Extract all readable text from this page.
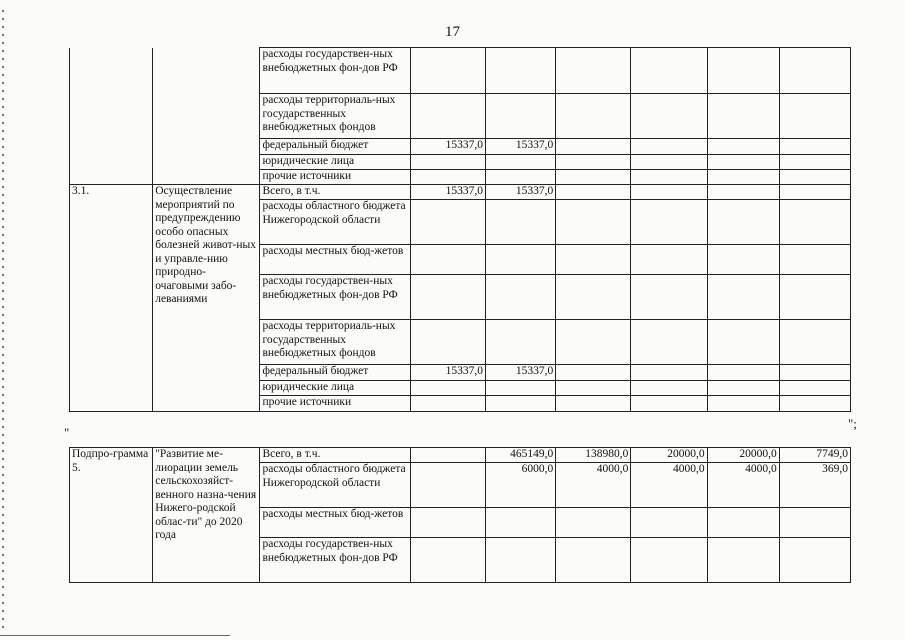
17
		расходы государствен-ных внебюджетных фон-дов РФ						
		расходы территориаль-ных государственных внебюджетных фондов						
		федеральный бюджет	15337,0	15337,0				
		юридические лица						
		прочие источники						
3.1.	Осуществление мероприятий по предупреждению особо опасных болезней живот-ных и управле-нию природно-очаговыми забо-леваниями	Всего, в т.ч.	15337,0	15337,0				
		расходы областного бюджета Нижегородской области						
		расходы местных бюд-жетов						
		расходы государствен-ных внебюджетных фон-дов РФ						
		расходы территориаль-ных государственных внебюджетных фондов						
		федеральный бюджет	15337,0	15337,0				
		юридические лица						
		прочие источники						
";
"
Подпро-грамма 5.	"Развитие ме-лиорации земель сельскохозяйст-венного назна-чения Нижего-родской облас-ти" до 2020 года	Всего, в т.ч.		465149,0	138980,0	20000,0	20000,0	7749,0
		расходы областного бюджета Нижегородской области		6000,0	4000,0	4000,0	4000,0	369,0
		расходы местных бюд-жетов						
		расходы государствен-ных внебюджетных фон-дов РФ						
